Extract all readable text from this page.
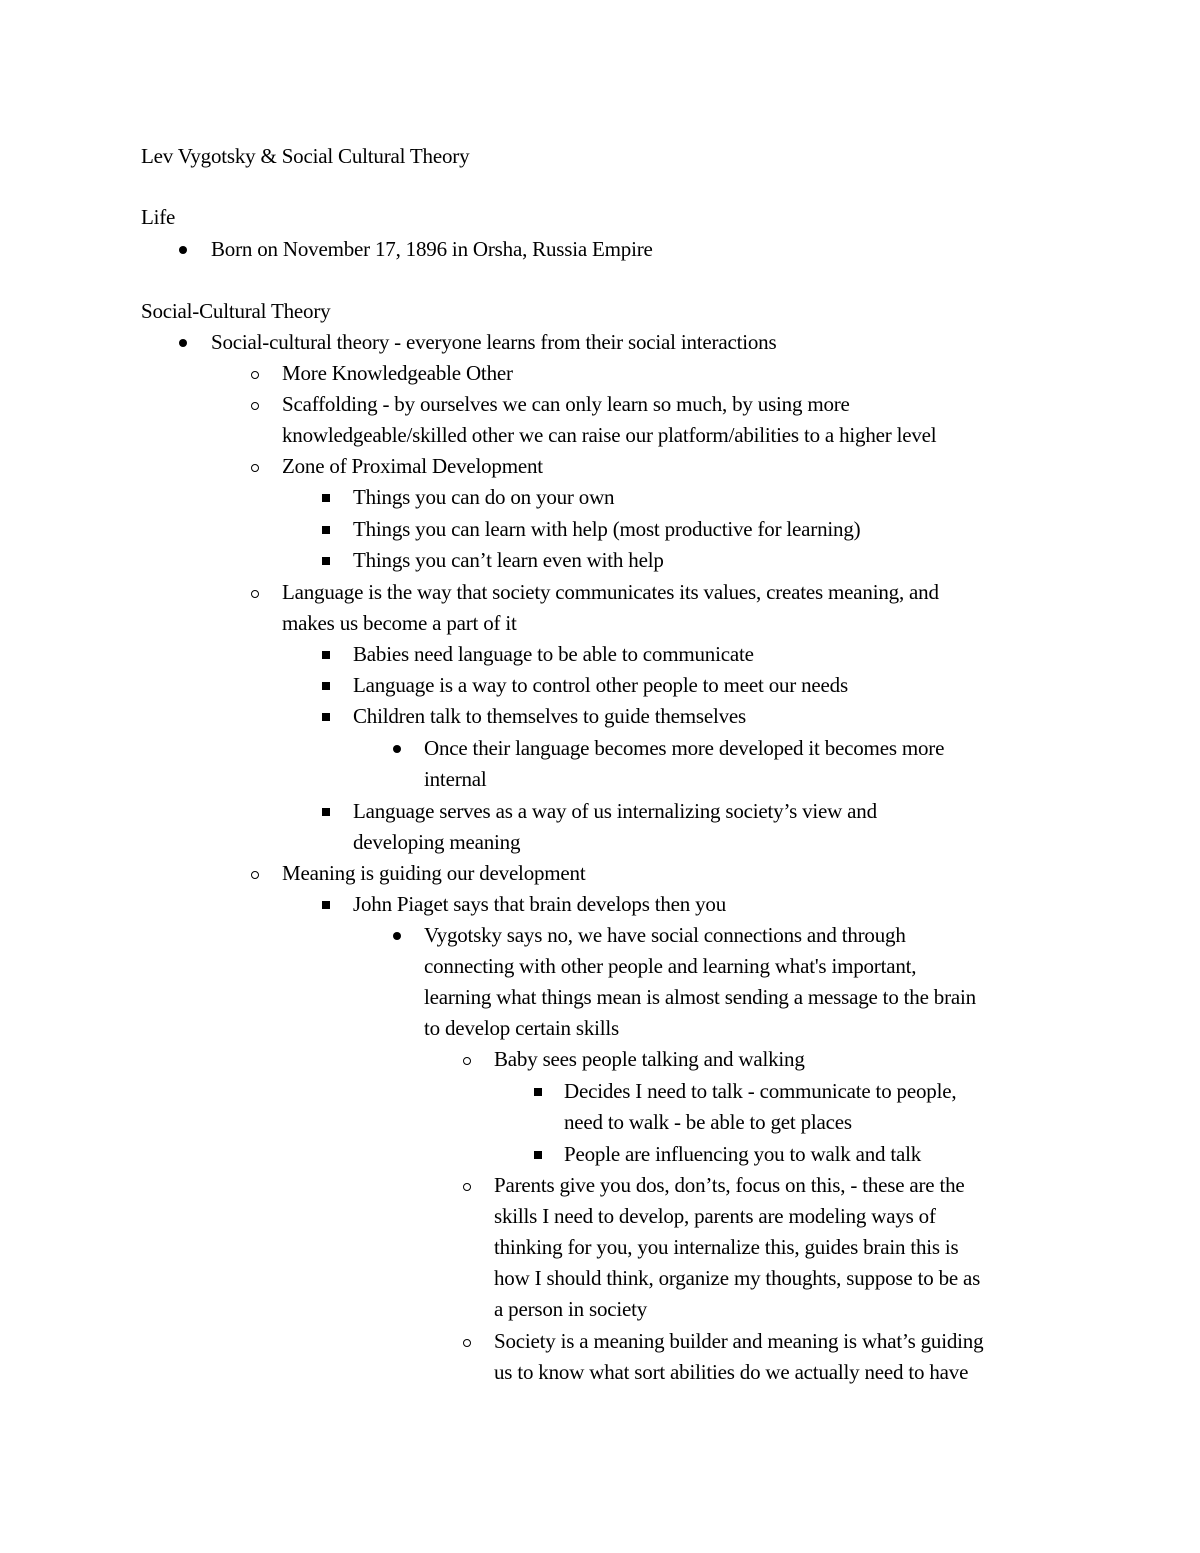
Lev Vygotsky & Social Cultural Theory
Life
Born on November 17, 1896 in Orsha, Russia Empire
Social-Cultural Theory
Social-cultural theory - everyone learns from their social interactions
More Knowledgeable Other
Scaffolding - by ourselves we can only learn so much, by using more
knowledgeable/skilled other we can raise our platform/abilities to a higher level
Zone of Proximal Development
Things you can do on your own
Things you can learn with help (most productive for learning)
Things you can’t learn even with help
Language is the way that society communicates its values, creates meaning, and
makes us become a part of it
Babies need language to be able to communicate
Language is a way to control other people to meet our needs
Children talk to themselves to guide themselves
Once their language becomes more developed it becomes more
internal
Language serves as a way of us internalizing society’s view and
developing meaning
Meaning is guiding our development
John Piaget says that brain develops then you
Vygotsky says no, we have social connections and through
connecting with other people and learning what's important,
learning what things mean is almost sending a message to the brain
to develop certain skills
Baby sees people talking and walking
Decides I need to talk - communicate to people,
need to walk - be able to get places
People are influencing you to walk and talk
Parents give you dos, don’ts, focus on this, - these are the
skills I need to develop, parents are modeling ways of
thinking for you, you internalize this, guides brain this is
how I should think, organize my thoughts, suppose to be as
a person in society
Society is a meaning builder and meaning is what’s guiding
us to know what sort abilities do we actually need to have
